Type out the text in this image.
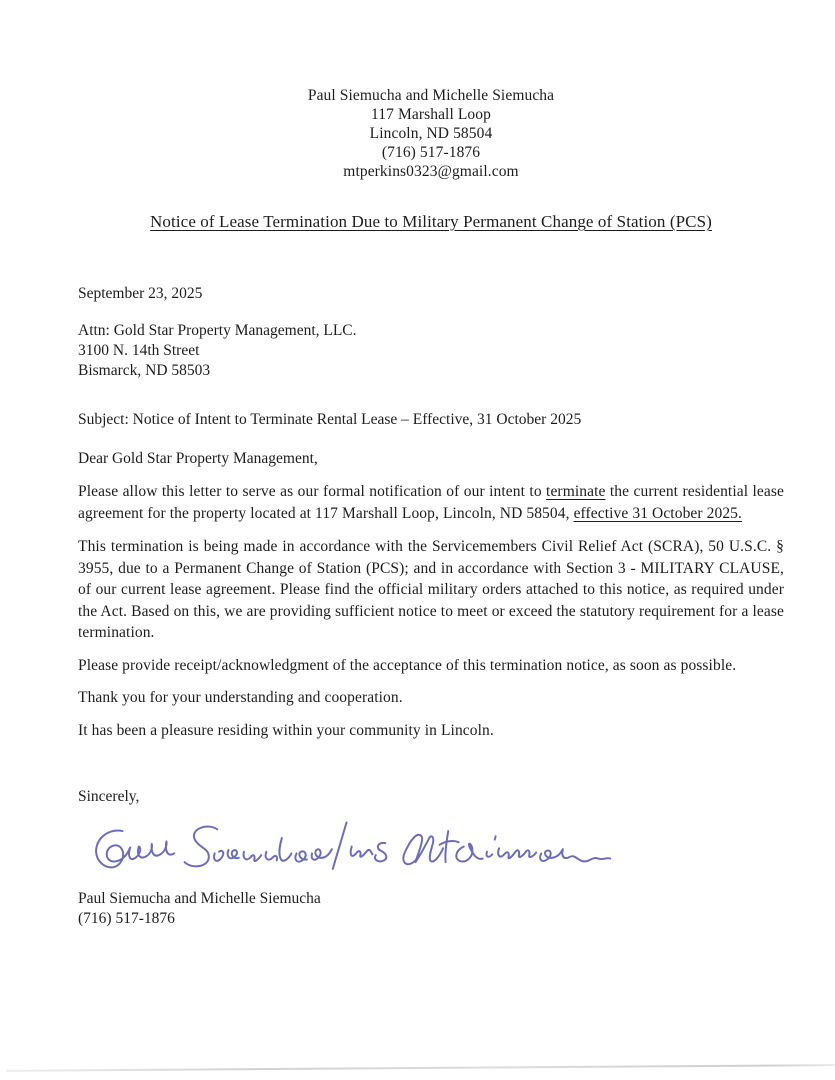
Paul Siemucha and Michelle Siemucha
117 Marshall Loop
Lincoln, ND 58504
(716) 517-1876
mtperkins0323@gmail.com
Notice of Lease Termination Due to Military Permanent Change of Station (PCS)
September 23, 2025
Attn: Gold Star Property Management, LLC.
3100 N. 14th Street
Bismarck, ND 58503
Subject: Notice of Intent to Terminate Rental Lease – Effective, 31 October 2025
Dear Gold Star Property Management,

Please allow this letter to serve as our formal notification of our intent to terminate the current residential lease agreement for the property located at 117 Marshall Loop, Lincoln, ND 58504, effective 31 October 2025.

This termination is being made in accordance with the Servicemembers Civil Relief Act (SCRA), 50 U.S.C. § 3955, due to a Permanent Change of Station (PCS); and in accordance with Section 3 - MILITARY CLAUSE, of our current lease agreement. Please find the official military orders attached to this notice, as required under the Act. Based on this, we are providing sufficient notice to meet or exceed the statutory requirement for a lease termination.

Please provide receipt/acknowledgment of the acceptance of this termination notice, as soon as possible.

Thank you for your understanding and cooperation.

It has been a pleasure residing within your community in Lincoln.

Sincerely,
Paul Siemucha and Michelle Siemucha
(716) 517-1876
